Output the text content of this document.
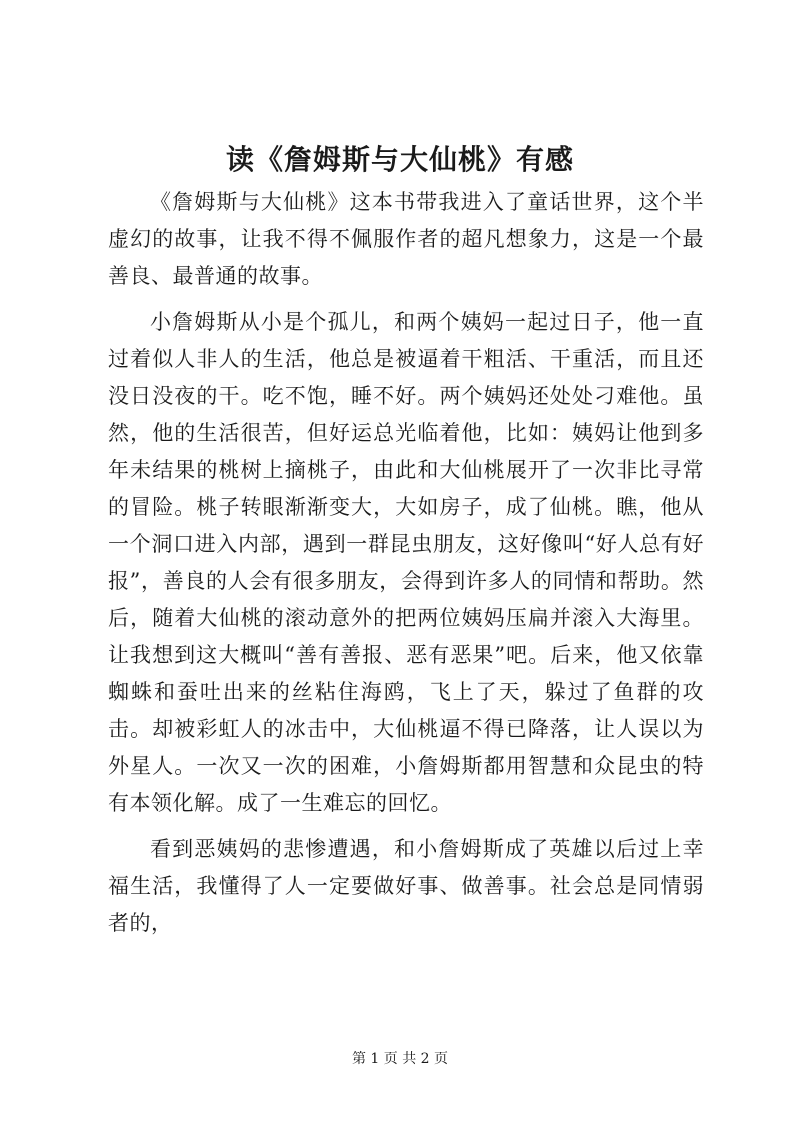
读《詹姆斯与大仙桃》有感

《詹姆斯与大仙桃》这本书带我进入了童话世界，这个半虚幻的故事，让我不得不佩服作者的超凡想象力，这是一个最善良、最普通的故事。

小詹姆斯从小是个孤儿，和两个姨妈一起过日子，他一直过着似人非人的生活，他总是被逼着干粗活、干重活，而且还没日没夜的干。吃不饱，睡不好。两个姨妈还处处刁难他。虽然，他的生活很苦，但好运总光临着他，比如：姨妈让他到多年未结果的桃树上摘桃子，由此和大仙桃展开了一次非比寻常的冒险。桃子转眼渐渐变大，大如房子，成了仙桃。瞧，他从一个洞口进入内部，遇到一群昆虫朋友，这好像叫“好人总有好报”，善良的人会有很多朋友，会得到许多人的同情和帮助。然后，随着大仙桃的滚动意外的把两位姨妈压扁并滚入大海里。让我想到这大概叫“善有善报、恶有恶果”吧。后来，他又依靠蜘蛛和蚕吐出来的丝粘住海鸥，飞上了天，躲过了鱼群的攻击。却被彩虹人的冰击中，大仙桃逼不得已降落，让人误以为外星人。一次又一次的困难，小詹姆斯都用智慧和众昆虫的特有本领化解。成了一生难忘的回忆。

看到恶姨妈的悲惨遭遇，和小詹姆斯成了英雄以后过上幸福生活，我懂得了人一定要做好事、做善事。社会总是同情弱者的，

第 1 页 共 2 页
